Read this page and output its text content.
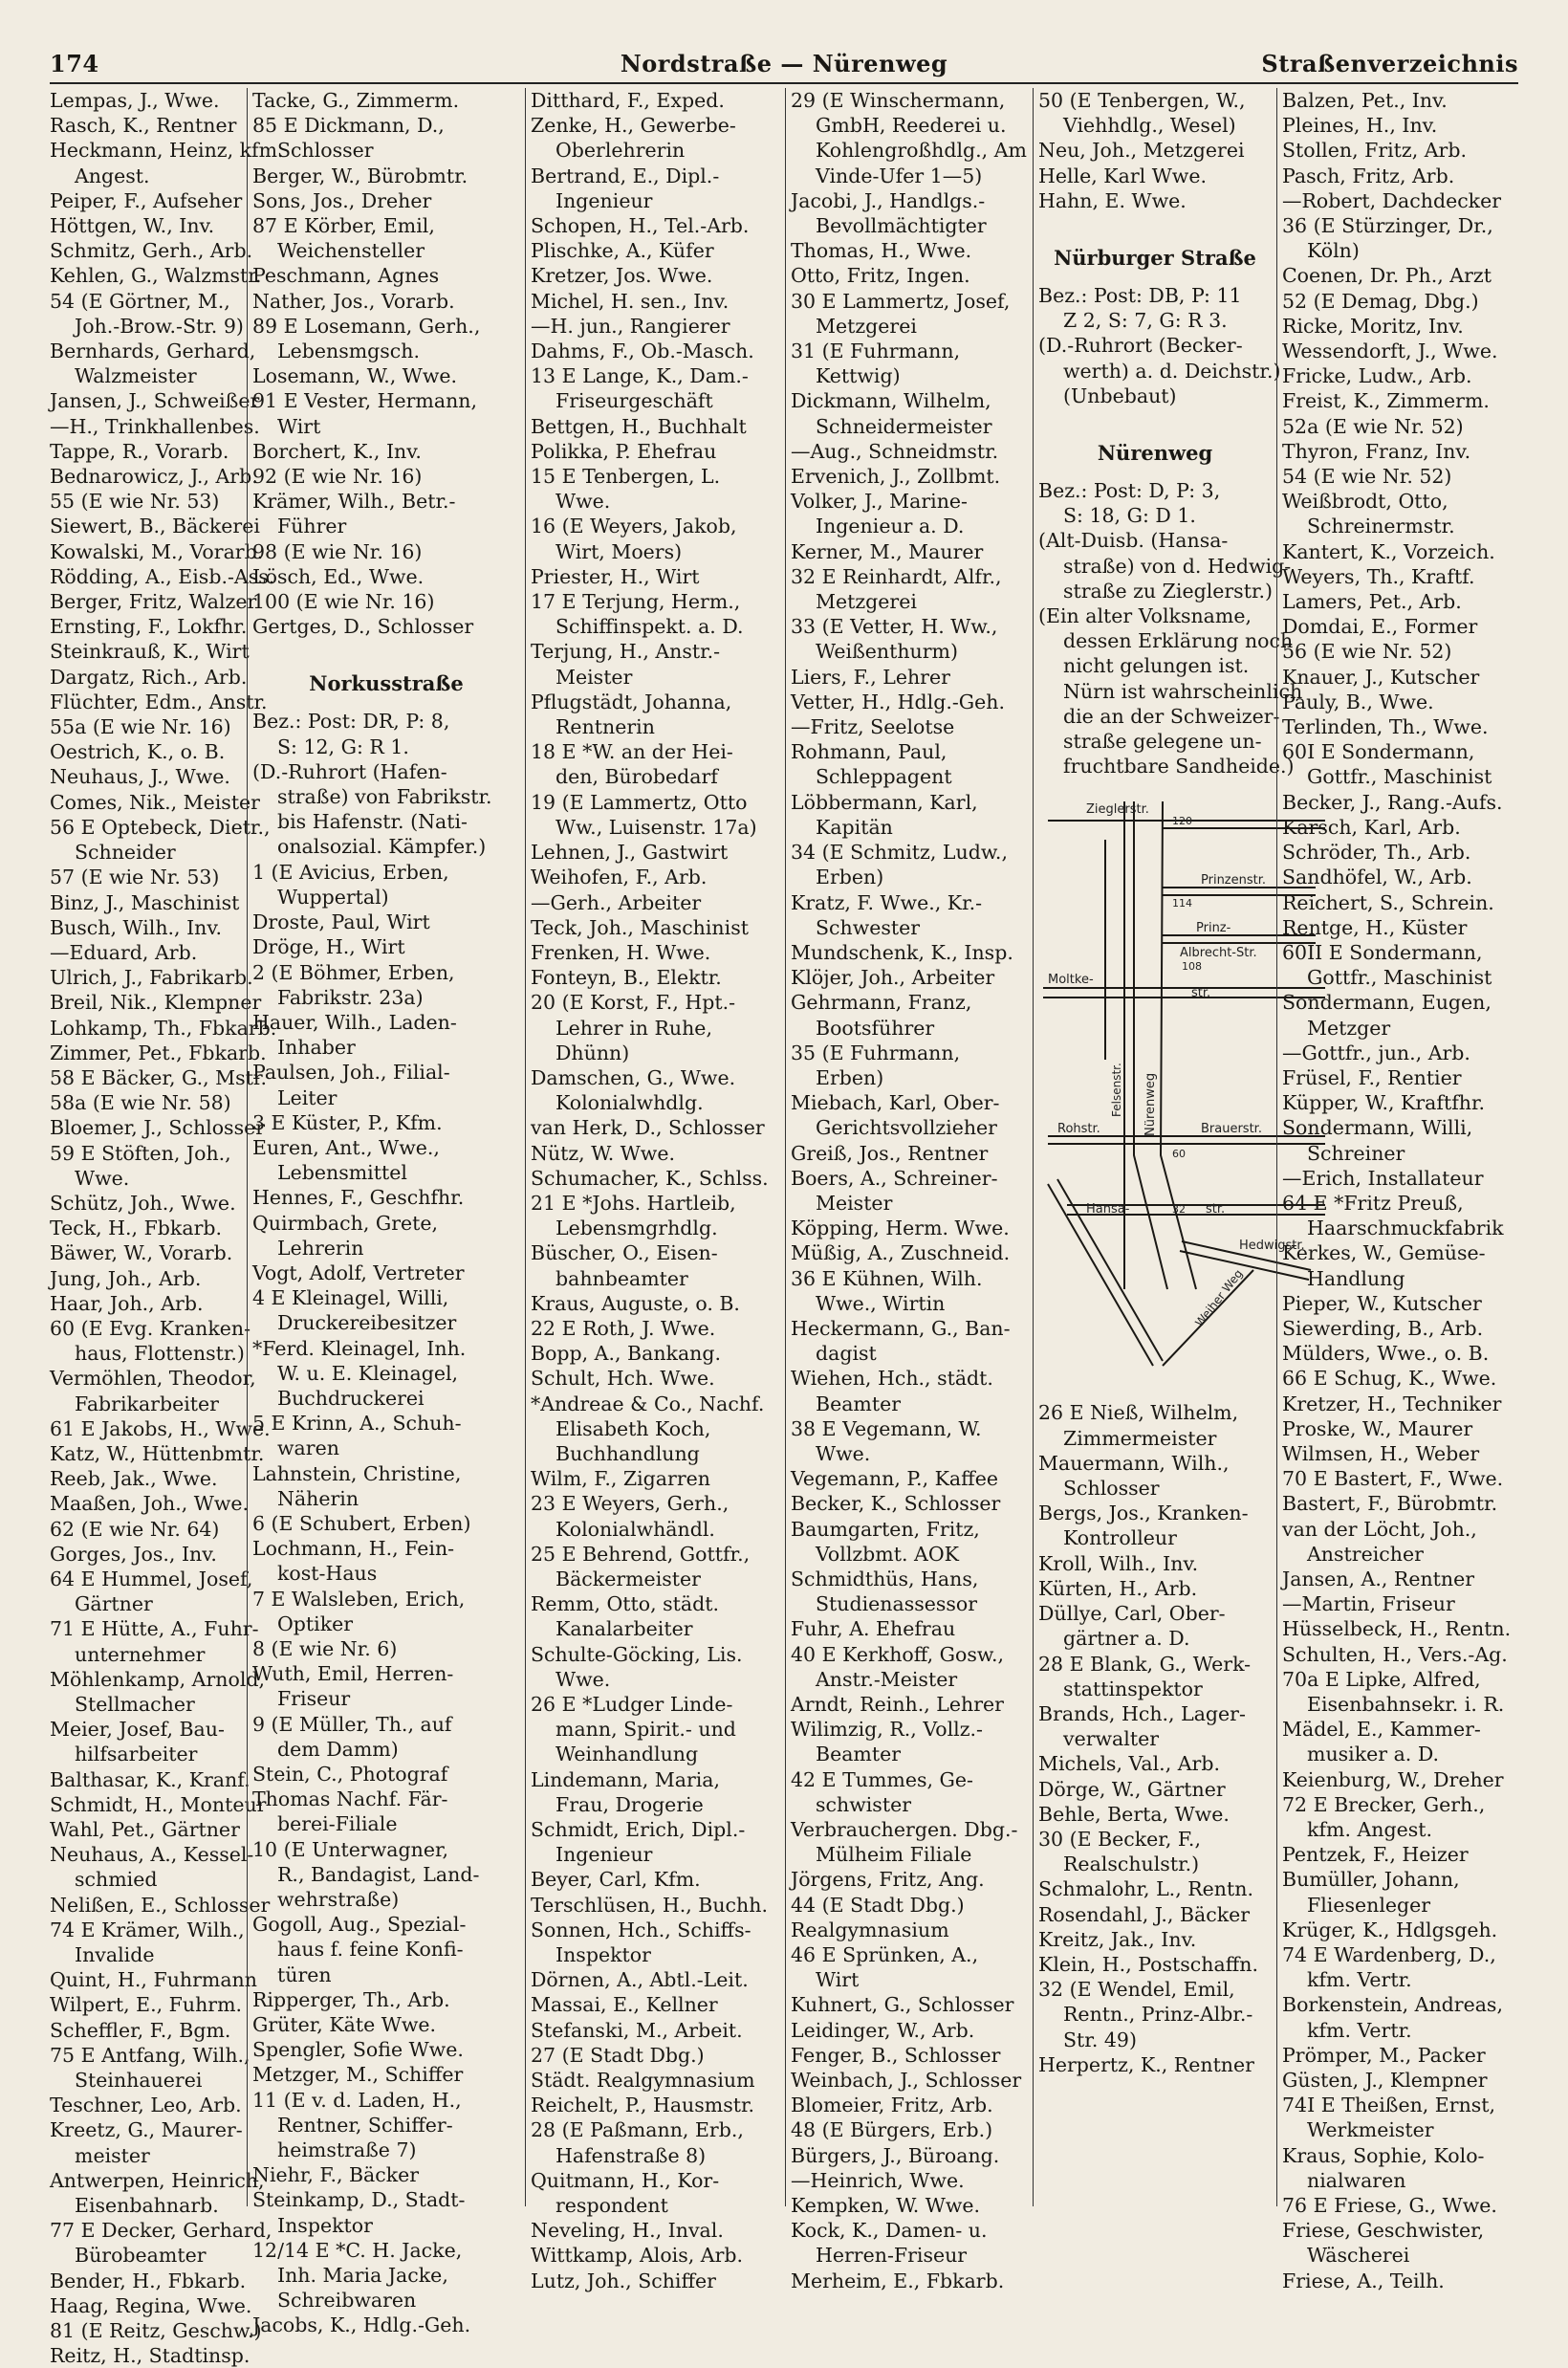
174	Nordstraße — Nürenweg	Straßenverzeichnis
Lempas, J., Wwe.
Rasch, K., Rentner
Heckmann, Heinz, kfm.
Angest.
Peiper, F., Aufseher
Höttgen, W., Inv.
Schmitz, Gerh., Arb.
Kehlen, G., Walzmstr.
54 (E Görtner, M.,
Joh.-Brow.-Str. 9)
Bernhards, Gerhard,
Walzmeister
Jansen, J., Schweißer
—H., Trinkhallenbes.
Tappe, R., Vorarb.
Bednarowicz, J., Arb.
55 (E wie Nr. 53)
Siewert, B., Bäckerei
Kowalski, M., Vorarb.
Rödding, A., Eisb.-Ass.
Berger, Fritz, Walzer
Ernsting, F., Lokfhr.
Steinkrauß, K., Wirt
Dargatz, Rich., Arb.
Flüchter, Edm., Anstr.
55a (E wie Nr. 16)
Oestrich, K., o. B.
Neuhaus, J., Wwe.
Comes, Nik., Meister
56 E Optebeck, Dietr.,
Schneider
57 (E wie Nr. 53)
Binz, J., Maschinist
Busch, Wilh., Inv.
—Eduard, Arb.
Ulrich, J., Fabrikarb.
Breil, Nik., Klempner
Lohkamp, Th., Fbkarb.
Zimmer, Pet., Fbkarb.
58 E Bäcker, G., Mstr.
58a (E wie Nr. 58)
Bloemer, J., Schlosser
59 E Stöften, Joh.,
Wwe.
Schütz, Joh., Wwe.
Teck, H., Fbkarb.
Bäwer, W., Vorarb.
Jung, Joh., Arb.
Haar, Joh., Arb.
60 (E Evg. Kranken-
haus, Flottenstr.)
Vermöhlen, Theodor,
Fabrikarbeiter
61 E Jakobs, H., Wwe.
Katz, W., Hüttenbmtr.
Reeb, Jak., Wwe.
Maaßen, Joh., Wwe.
62 (E wie Nr. 64)
Gorges, Jos., Inv.
64 E Hummel, Josef,
Gärtner
71 E Hütte, A., Fuhr-
unternehmer
Möhlenkamp, Arnold,
Stellmacher
Meier, Josef, Bau-
hilfsarbeiter
Balthasar, K., Kranf.
Schmidt, H., Monteur
Wahl, Pet., Gärtner
Neuhaus, A., Kessel-
schmied
Nelißen, E., Schlosser
74 E Krämer, Wilh.,
Invalide
Quint, H., Fuhrmann
Wilpert, E., Fuhrm.
Scheffler, F., Bgm.
75 E Antfang, Wilh.,
Steinhauerei
Teschner, Leo, Arb.
Kreetz, G., Maurer-
meister
Antwerpen, Heinrich,
Eisenbahnarb.
77 E Decker, Gerhard,
Bürobeamter
Bender, H., Fbkarb.
Haag, Regina, Wwe.
81 (E Reitz, Geschw.)
Reitz, H., Stadtinsp.
Tacke, G., Zimmerm.
85 E Dickmann, D.,
Schlosser
Berger, W., Bürobmtr.
Sons, Jos., Dreher
87 E Körber, Emil,
Weichensteller
Peschmann, Agnes
Nather, Jos., Vorarb.
89 E Losemann, Gerh.,
Lebensmgsch.
Losemann, W., Wwe.
91 E Vester, Hermann,
Wirt
Borchert, K., Inv.
92 (E wie Nr. 16)
Krämer, Wilh., Betr.-
Führer
98 (E wie Nr. 16)
Lösch, Ed., Wwe.
100 (E wie Nr. 16)
Gertges, D., Schlosser
Norkusstraße
Bez.: Post: DR, P: 8,
S: 12, G: R 1.
(D.-Ruhrort (Hafen-
straße) von Fabrikstr.
bis Hafenstr. (Nati-
onalsozial. Kämpfer.)
1 (E Avicius, Erben,
Wuppertal)
Droste, Paul, Wirt
Dröge, H., Wirt
2 (E Böhmer, Erben,
Fabrikstr. 23a)
Hauer, Wilh., Laden-
Inhaber
Paulsen, Joh., Filial-
Leiter
3 E Küster, P., Kfm.
Euren, Ant., Wwe.,
Lebensmittel
Hennes, F., Geschfhr.
Quirmbach, Grete,
Lehrerin
Vogt, Adolf, Vertreter
4 E Kleinagel, Willi,
Druckereibesitzer
*Ferd. Kleinagel, Inh.
W. u. E. Kleinagel,
Buchdruckerei
5 E Krinn, A., Schuh-
waren
Lahnstein, Christine,
Näherin
6 (E Schubert, Erben)
Lochmann, H., Fein-
kost-Haus
7 E Walsleben, Erich,
Optiker
8 (E wie Nr. 6)
Wuth, Emil, Herren-
Friseur
9 (E Müller, Th., auf
dem Damm)
Stein, C., Photograf
Thomas Nachf. Fär-
berei-Filiale
10 (E Unterwagner,
R., Bandagist, Land-
wehrstraße)
Gogoll, Aug., Spezial-
haus f. feine Konfi-
türen
Ripperger, Th., Arb.
Grüter, Käte Wwe.
Spengler, Sofie Wwe.
Metzger, M., Schiffer
11 (E v. d. Laden, H.,
Rentner, Schiffer-
heimstraße 7)
Niehr, F., Bäcker
Steinkamp, D., Stadt-
Inspektor
12/14 E *C. H. Jacke,
Inh. Maria Jacke,
Schreibwaren
Jacobs, K., Hdlg.-Geh.
Ditthard, F., Exped.
Zenke, H., Gewerbe-
Oberlehrerin
Bertrand, E., Dipl.-
Ingenieur
Schopen, H., Tel.-Arb.
Plischke, A., Küfer
Kretzer, Jos. Wwe.
Michel, H. sen., Inv.
—H. jun., Rangierer
Dahms, F., Ob.-Masch.
13 E Lange, K., Dam.-
Friseurgeschäft
Bettgen, H., Buchhalt
Polikka, P. Ehefrau
15 E Tenbergen, L.
Wwe.
16 (E Weyers, Jakob,
Wirt, Moers)
Priester, H., Wirt
17 E Terjung, Herm.,
Schiffinspekt. a. D.
Terjung, H., Anstr.-
Meister
Pflugstädt, Johanna,
Rentnerin
18 E *W. an der Hei-
den, Bürobedarf
19 (E Lammertz, Otto
Ww., Luisenstr. 17a)
Lehnen, J., Gastwirt
Weihofen, F., Arb.
—Gerh., Arbeiter
Teck, Joh., Maschinist
Frenken, H. Wwe.
Fonteyn, B., Elektr.
20 (E Korst, F., Hpt.-
Lehrer in Ruhe,
Dhünn)
Damschen, G., Wwe.
Kolonialwhdlg.
van Herk, D., Schlosser
Nütz, W. Wwe.
Schumacher, K., Schlss.
21 E *Johs. Hartleib,
Lebensmgrhdlg.
Büscher, O., Eisen-
bahnbeamter
Kraus, Auguste, o. B.
22 E Roth, J. Wwe.
Bopp, A., Bankang.
Schult, Hch. Wwe.
*Andreae & Co., Nachf.
Elisabeth Koch,
Buchhandlung
Wilm, F., Zigarren
23 E Weyers, Gerh.,
Kolonialwhändl.
25 E Behrend, Gottfr.,
Bäckermeister
Remm, Otto, städt.
Kanalarbeiter
Schulte-Göcking, Lis.
Wwe.
26 E *Ludger Linde-
mann, Spirit.- und
Weinhandlung
Lindemann, Maria,
Frau, Drogerie
Schmidt, Erich, Dipl.-
Ingenieur
Beyer, Carl, Kfm.
Terschlüsen, H., Buchh.
Sonnen, Hch., Schiffs-
Inspektor
Dörnen, A., Abtl.-Leit.
Massai, E., Kellner
Stefanski, M., Arbeit.
27 (E Stadt Dbg.)
Städt. Realgymnasium
Reichelt, P., Hausmstr.
28 (E Paßmann, Erb.,
Hafenstraße 8)
Quitmann, H., Kor-
respondent
Neveling, H., Inval.
Wittkamp, Alois, Arb.
Lutz, Joh., Schiffer
29 (E Winschermann,
GmbH, Reederei u.
Kohlengroßhdlg., Am
Vinde-Ufer 1—5)
Jacobi, J., Handlgs.-
Bevollmächtigter
Thomas, H., Wwe.
Otto, Fritz, Ingen.
30 E Lammertz, Josef,
Metzgerei
31 (E Fuhrmann,
Kettwig)
Dickmann, Wilhelm,
Schneidermeister
—Aug., Schneidmstr.
Ervenich, J., Zollbmt.
Volker, J., Marine-
Ingenieur a. D.
Kerner, M., Maurer
32 E Reinhardt, Alfr.,
Metzgerei
33 (E Vetter, H. Ww.,
Weißenthurm)
Liers, F., Lehrer
Vetter, H., Hdlg.-Geh.
—Fritz, Seelotse
Rohmann, Paul,
Schleppagent
Löbbermann, Karl,
Kapitän
34 (E Schmitz, Ludw.,
Erben)
Kratz, F. Wwe., Kr.-
Schwester
Mundschenk, K., Insp.
Klöjer, Joh., Arbeiter
Gehrmann, Franz,
Bootsführer
35 (E Fuhrmann,
Erben)
Miebach, Karl, Ober-
Gerichtsvollzieher
Greiß, Jos., Rentner
Boers, A., Schreiner-
Meister
Köpping, Herm. Wwe.
Müßig, A., Zuschneid.
36 E Kühnen, Wilh.
Wwe., Wirtin
Heckermann, G., Ban-
dagist
Wiehen, Hch., städt.
Beamter
38 E Vegemann, W.
Wwe.
Vegemann, P., Kaffee
Becker, K., Schlosser
Baumgarten, Fritz,
Vollzbmt. AOK
Schmidthüs, Hans,
Studienassessor
Fuhr, A. Ehefrau
40 E Kerkhoff, Gosw.,
Anstr.-Meister
Arndt, Reinh., Lehrer
Wilimzig, R., Vollz.-
Beamter
42 E Tummes, Ge-
schwister
Verbrauchergen. Dbg.-
Mülheim Filiale
Jörgens, Fritz, Ang.
44 (E Stadt Dbg.)
Realgymnasium
46 E Sprünken, A.,
Wirt
Kuhnert, G., Schlosser
Leidinger, W., Arb.
Fenger, B., Schlosser
Weinbach, J., Schlosser
Blomeier, Fritz, Arb.
48 (E Bürgers, Erb.)
Bürgers, J., Büroang.
—Heinrich, Wwe.
Kempken, W. Wwe.
Kock, K., Damen- u.
Herren-Friseur
Merheim, E., Fbkarb.
50 (E Tenbergen, W.,
Viehhdlg., Wesel)
Neu, Joh., Metzgerei
Helle, Karl Wwe.
Hahn, E. Wwe.
Nürburger Straße
Bez.: Post: DB, P: 11
Z 2, S: 7, G: R 3.
(D.-Ruhrort (Becker-
werth) a. d. Deichstr.)
(Unbebaut)
Nürenweg
Bez.: Post: D, P: 3,
S: 18, G: D 1.
(Alt-Duisb. (Hansa-
straße) von d. Hedwig-
straße zu Zieglerstr.)
(Ein alter Volksname,
dessen Erklärung noch
nicht gelungen ist.
Nürn ist wahrscheinlich
die an der Schweizer-
straße gelegene un-
fruchtbare Sandheide.)
Zieglerstr.
120
Prinzenstr.
114
Prinz-
Albrecht-Str.
108
Moltke-
str.
Felsenstr. Nürenweg
Rohstr.	Brauerstr.
60
Hansa-	32 str.
Hedwigstr.
Weiher Weg
26 E Nieß, Wilhelm,
Zimmermeister
Mauermann, Wilh.,
Schlosser
Bergs, Jos., Kranken-
Kontrolleur
Kroll, Wilh., Inv.
Kürten, H., Arb.
Düllye, Carl, Ober-
gärtner a. D.
28 E Blank, G., Werk-
stattinspektor
Brands, Hch., Lager-
verwalter
Michels, Val., Arb.
Dörge, W., Gärtner
Behle, Berta, Wwe.
30 (E Becker, F.,
Realschulstr.)
Schmalohr, L., Rentn.
Rosendahl, J., Bäcker
Kreitz, Jak., Inv.
Klein, H., Postschaffn.
32 (E Wendel, Emil,
Rentn., Prinz-Albr.-
Str. 49)
Herpertz, K., Rentner
Balzen, Pet., Inv.
Pleines, H., Inv.
Stollen, Fritz, Arb.
Pasch, Fritz, Arb.
—Robert, Dachdecker
36 (E Stürzinger, Dr.,
Köln)
Coenen, Dr. Ph., Arzt
52 (E Demag, Dbg.)
Ricke, Moritz, Inv.
Wessendorft, J., Wwe.
Fricke, Ludw., Arb.
Freist, K., Zimmerm.
52a (E wie Nr. 52)
Thyron, Franz, Inv.
54 (E wie Nr. 52)
Weißbrodt, Otto,
Schreinermstr.
Kantert, K., Vorzeich.
Weyers, Th., Kraftf.
Lamers, Pet., Arb.
Domdai, E., Former
56 (E wie Nr. 52)
Knauer, J., Kutscher
Pauly, B., Wwe.
Terlinden, Th., Wwe.
60I E Sondermann,
Gottfr., Maschinist
Becker, J., Rang.-Aufs.
Karsch, Karl, Arb.
Schröder, Th., Arb.
Sandhöfel, W., Arb.
Reichert, S., Schrein.
Rentge, H., Küster
60II E Sondermann,
Gottfr., Maschinist
Sondermann, Eugen,
Metzger
—Gottfr., jun., Arb.
Früsel, F., Rentier
Küpper, W., Kraftfhr.
Sondermann, Willi,
Schreiner
—Erich, Installateur
64 E *Fritz Preuß,
Haarschmuckfabrik
Kerkes, W., Gemüse-
Handlung
Pieper, W., Kutscher
Siewerding, B., Arb.
Mülders, Wwe., o. B.
66 E Schug, K., Wwe.
Kretzer, H., Techniker
Proske, W., Maurer
Wilmsen, H., Weber
70 E Bastert, F., Wwe.
Bastert, F., Bürobmtr.
van der Löcht, Joh.,
Anstreicher
Jansen, A., Rentner
—Martin, Friseur
Hüsselbeck, H., Rentn.
Schulten, H., Vers.-Ag.
70a E Lipke, Alfred,
Eisenbahnsekr. i. R.
Mädel, E., Kammer-
musiker a. D.
Keienburg, W., Dreher
72 E Brecker, Gerh.,
kfm. Angest.
Pentzek, F., Heizer
Bumüller, Johann,
Fliesenleger
Krüger, K., Hdlgsgeh.
74 E Wardenberg, D.,
kfm. Vertr.
Borkenstein, Andreas,
kfm. Vertr.
Prömper, M., Packer
Güsten, J., Klempner
74I E Theißen, Ernst,
Werkmeister
Kraus, Sophie, Kolo-
nialwaren
76 E Friese, G., Wwe.
Friese, Geschwister,
Wäscherei
Friese, A., Teilh.
